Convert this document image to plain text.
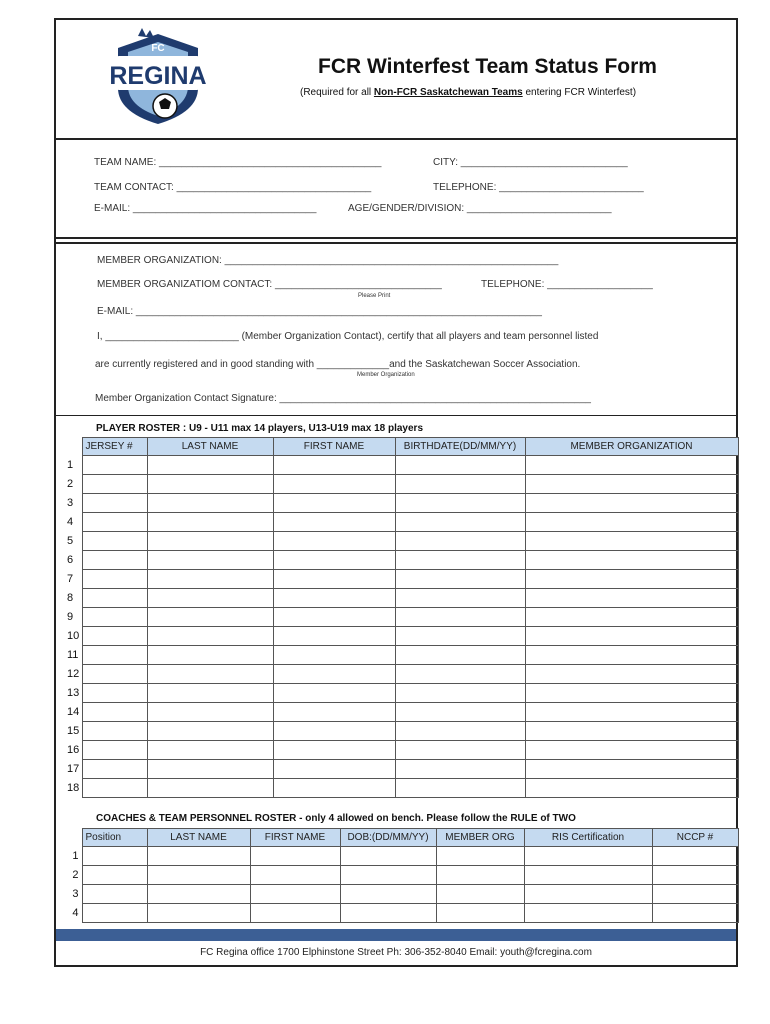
FC
REGINA	FCR Winterfest Team Status Form
(Required for all Non-FCR Saskatchewan Teams entering FCR Winterfest)
TEAM NAME: ________________________________________	CITY: ______________________________
TEAM CONTACT: ___________________________________	TELEPHONE: __________________________
E-MAIL: _________________________________	AGE/GENDER/DIVISION: __________________________
MEMBER ORGANIZATION: ____________________________________________________________
MEMBER ORGANIZATIOM CONTACT: ______________________________	TELEPHONE: ___________________
Please Print
E-MAIL: _________________________________________________________________________
I, ________________________ (Member Organization Contact), certify that all players and team personnel listed
are currently registered and in good standing with _____________and the Saskatchewan Soccer Association.
Member Organization
Member Organization Contact Signature: ________________________________________________________
PLAYER ROSTER : U9 - U11 max 14 players, U13-U19 max 18 players
	JERSEY #	LAST NAME	FIRST NAME	BIRTHDATE(DD/MM/YY)	MEMBER ORGANIZATION
1					
2					
3					
4					
5					
6					
7					
8					
9					
10					
11					
12					
13					
14					
15					
16					
17					
18					
COACHES & TEAM PERSONNEL ROSTER - only 4 allowed on bench. Please follow the RULE of TWO
	Position	LAST NAME	FIRST NAME	DOB:(DD/MM/YY)	MEMBER ORG	RIS Certification	NCCP #
1							
2							
3							
4							
FC Regina office 1700 Elphinstone Street Ph: 306-352-8040 Email: youth@fcregina.com
